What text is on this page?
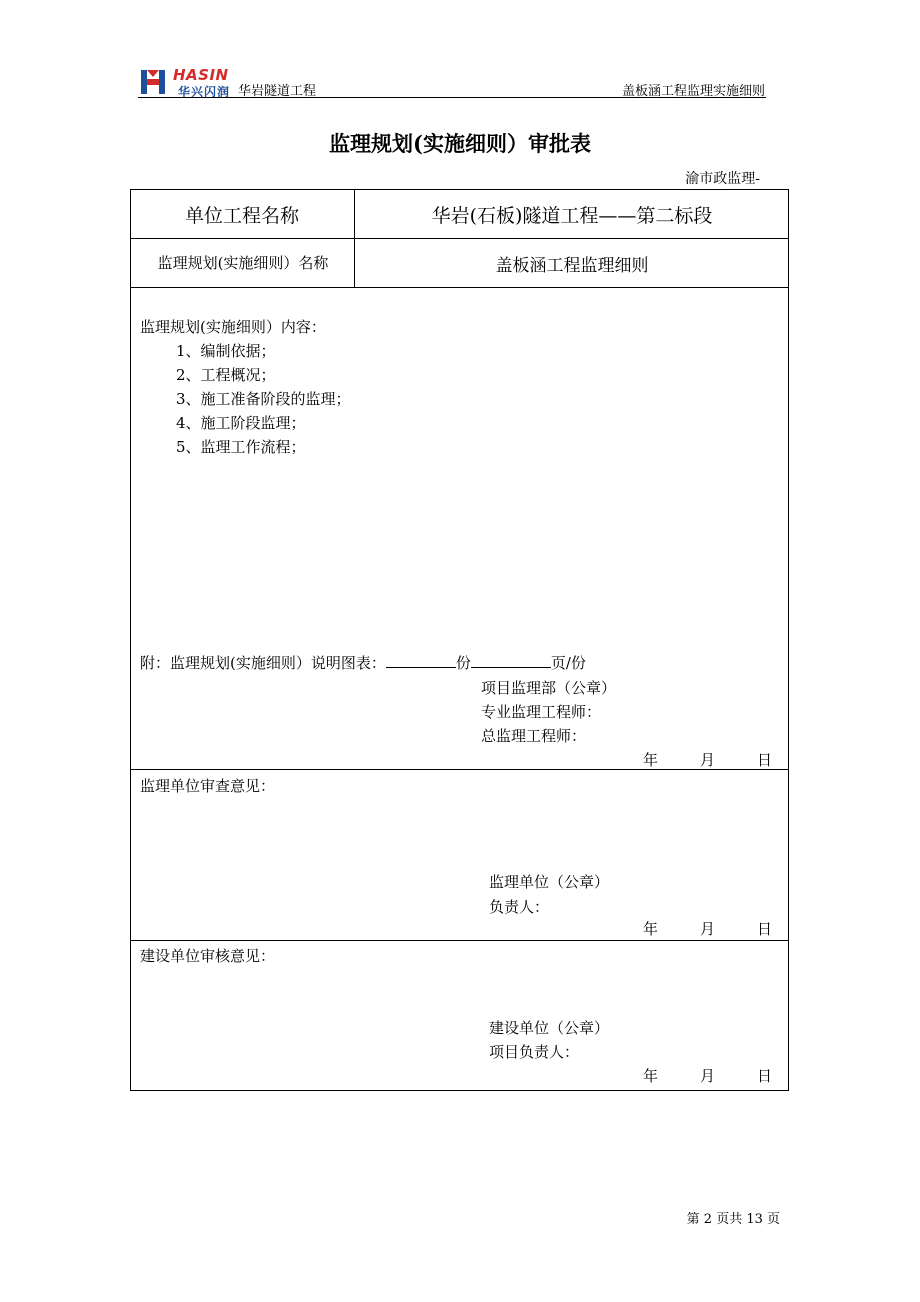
HASIN
华兴闪润 华岩隧道工程	盖板涵工程监理实施细则
监理规划(实施细则）审批表
渝市政监理-
单位工程名称	华岩(石板)隧道工程——第二标段
监理规划(实施细则）名称	盖板涵工程监理细则
监理规划(实施细则）内容：
1、编制依据；
2、工程概况；
3、施工准备阶段的监理；
4、施工阶段监理；
5、监理工作流程；
附：监理规划(实施细则）说明图表：	份	页/份
项目监理部（公章）
专业监理工程师：
总监理工程师：
年	月	日
监理单位审查意见：
监理单位（公章）
负责人：
年	月	日
建设单位审核意见：
建设单位（公章）
项目负责人：
年	月	日
第 2 页共 13 页
